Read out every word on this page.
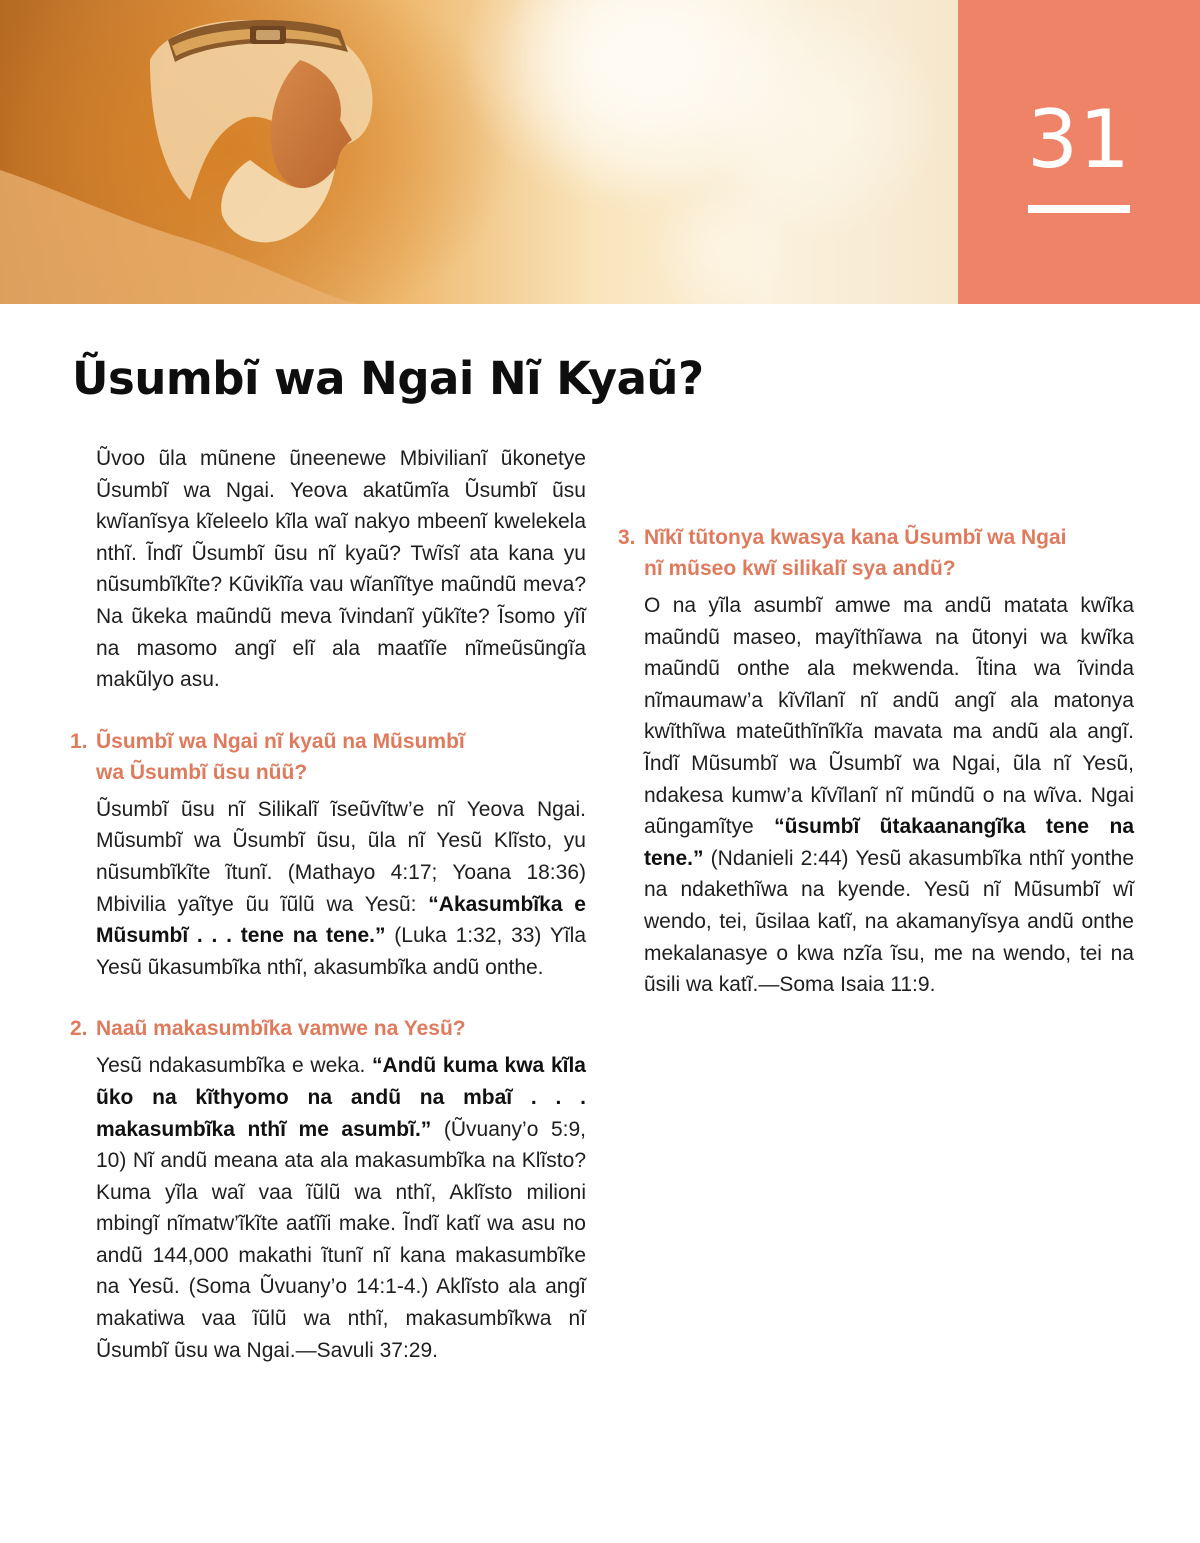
31
Ũsumbĩ wa Ngai Nĩ Kyaũ?

Ũvoo ũla mũnene ũneenewe Mbivilianĩ ũkonetye Ũsumbĩ wa Ngai. Yeova akatũmĩa Ũsumbĩ ũsu kwĩanĩsya kĩeleelo kĩla waĩ nakyo mbeenĩ kwelekela nthĩ. Ĩndĩ Ũsumbĩ ũsu nĩ kyaũ? Twĩsĩ ata kana yu nũsumbĩkĩte? Kũvikĩĩa vau wĩanĩĩtye maũndũ meva? Na ũkeka maũndũ meva ĩvindanĩ yũkĩte? Ĩsomo yĩĩ na masomo angĩ elĩ ala maatĩĩe nĩmeũsũngĩa makũlyo asu.

1. Ũsumbĩ wa Ngai nĩ kyaũ na Mũsumbĩ
wa Ũsumbĩ ũsu nũũ?

Ũsumbĩ ũsu nĩ Silikalĩ ĩseũvĩtw’e nĩ Yeova Ngai. Mũsumbĩ wa Ũsumbĩ ũsu, ũla nĩ Yesũ Klĩsto, yu nũsumbĩkĩte ĩtunĩ. (Mathayo 4:17; Yoana 18:36) Mbivilia yaĩtye ũu ĩũlũ wa Yesũ: “Akasumbĩka e Mũsumbĩ . . . tene na tene.” (Luka 1:32, 33) Yĩla Yesũ ũkasumbĩka nthĩ, akasumbĩka andũ onthe.

2. Naaũ makasumbĩka vamwe na Yesũ?

Yesũ ndakasumbĩka e weka. “Andũ kuma kwa kĩla ũko na kĩthyomo na andũ na mbaĩ . . . makasumbĩka nthĩ me asumbĩ.” (Ũvuany’o 5:9, 10) Nĩ andũ meana ata ala makasumbĩka na Klĩsto? Kuma yĩla waĩ vaa ĩũlũ wa nthĩ, Aklĩsto milioni mbingĩ nĩmatw’ĩkĩte aatĩĩi make. Ĩndĩ katĩ wa asu no andũ 144,000 makathi ĩtunĩ nĩ kana makasumbĩke na Yesũ. (Soma Ũvuany’o 14:1-4.) Aklĩsto ala angĩ makatiwa vaa ĩũlũ wa nthĩ, makasumbĩkwa nĩ Ũsumbĩ ũsu wa Ngai.—Savuli 37:29.

3. Nĩkĩ tũtonya kwasya kana Ũsumbĩ wa Ngai
nĩ mũseo kwĩ silikalĩ sya andũ?

O na yĩla asumbĩ amwe ma andũ matata kwĩka maũndũ maseo, mayĩthĩawa na ũtonyi wa kwĩka maũndũ onthe ala mekwenda. Ĩtina wa ĩvinda nĩmaumaw’a kĩvĩlanĩ nĩ andũ angĩ ala matonya kwĩthĩwa mateũthĩnĩkĩa mavata ma andũ ala angĩ. Ĩndĩ Mũsumbĩ wa Ũsumbĩ wa Ngai, ũla nĩ Yesũ, ndakesa kumw’a kĩvĩlanĩ nĩ mũndũ o na wĩva. Ngai aũngamĩtye “ũsumbĩ ũtakaanangĩka tene na tene.” (Ndanieli 2:44) Yesũ akasumbĩka nthĩ yonthe na ndakethĩwa na kyende. Yesũ nĩ Mũsumbĩ wĩ wendo, tei, ũsilaa katĩ, na akamanyĩsya andũ onthe mekalanasye o kwa nzĩa ĩsu, me na wendo, tei na ũsili wa katĩ.—Soma Isaia 11:9.
